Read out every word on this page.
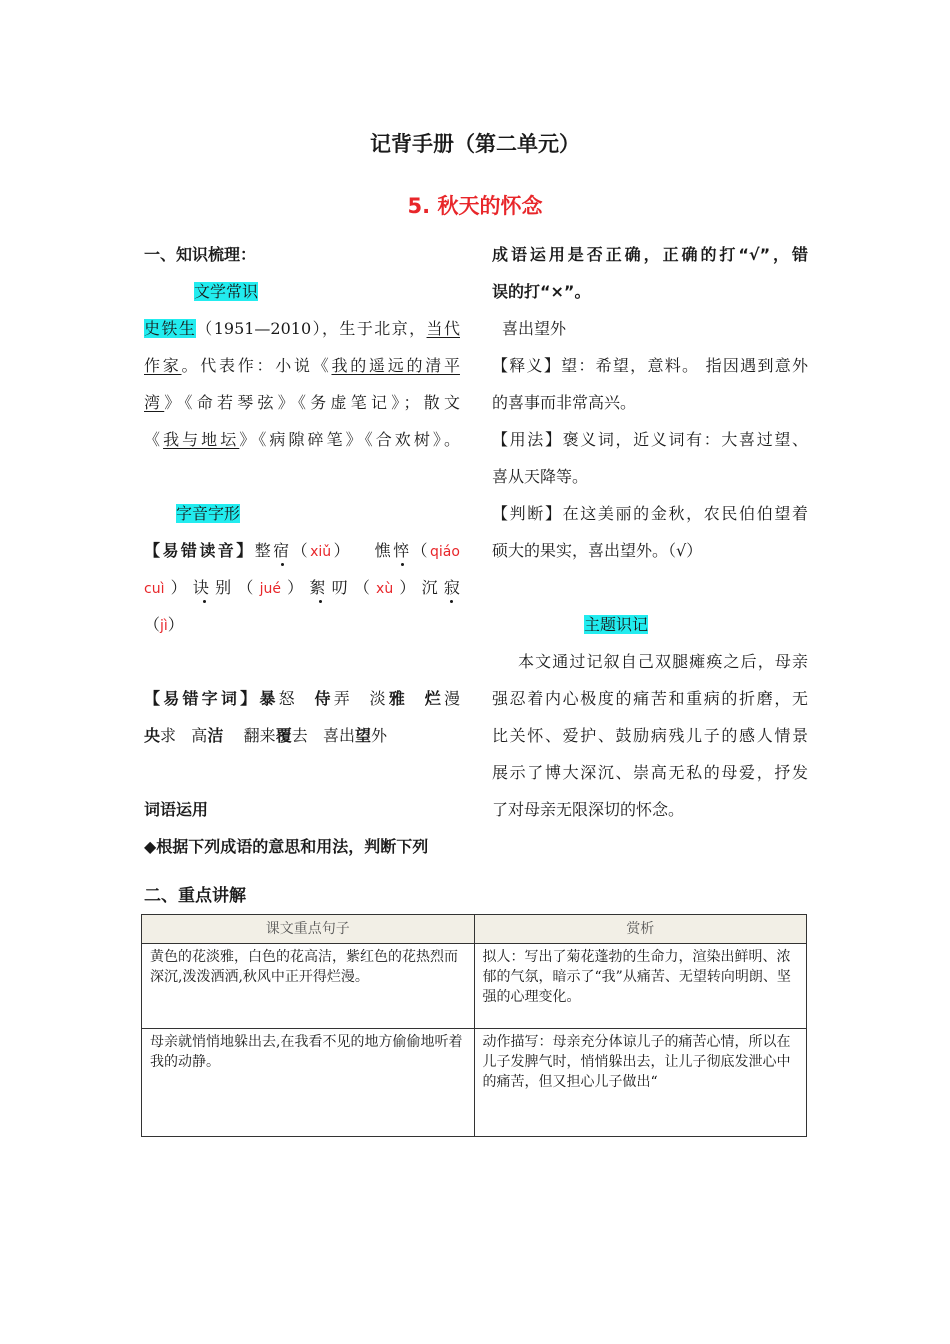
记背手册（第二单元）
5. 秋天的怀念
一、知识梳理：
文学常识
史铁生（1951—2010），生于北京，当代
作家。代表作：小说《我的遥远的清平
湾》《命若琴弦》《务虚笔记》；散文
《我与地坛》《病隙碎笔》《合欢树》。
字音字形
【易错读音】整宿（xiǔ）   憔悴（qiáo
cuì）诀别（jué）絮叨（xù）沉寂
（jì）
【易错字词】暴怒 侍弄 淡雅 烂漫
央求 高洁 翻来覆去 喜出望外
词语运用
◆根据下列成语的意思和用法，判断下列
成语运用是否正确，正确的打“√”，错
误的打“×”。
喜出望外
【释义】望：希望，意料。 指因遇到意外
的喜事而非常高兴。
【用法】褒义词，近义词有：大喜过望、
喜从天降等。
【判断】在这美丽的金秋，农民伯伯望着
硕大的果实，喜出望外。（√）
主题识记
本文通过记叙自己双腿瘫痪之后，母亲
强忍着内心极度的痛苦和重病的折磨，无
比关怀、爱护、鼓励病残儿子的感人情景
展示了博大深沉、崇高无私的母爱，抒发
了对母亲无限深切的怀念。
二、重点讲解
课文重点句子	赏析
黄色的花淡雅，白色的花高洁，紫红色的花热烈而深沉,泼泼洒洒,秋风中正开得烂漫。	拟人：写出了菊花蓬勃的生命力，渲染出鲜明、浓郁的气氛，暗示了“我”从痛苦、无望转向明朗、坚强的心理变化。
母亲就悄悄地躲出去,在我看不见的地方偷偷地听着我的动静。	动作描写：母亲充分体谅儿子的痛苦心情，所以在儿子发脾气时，悄悄躲出去，让儿子彻底发泄心中的痛苦，但又担心儿子做出“
